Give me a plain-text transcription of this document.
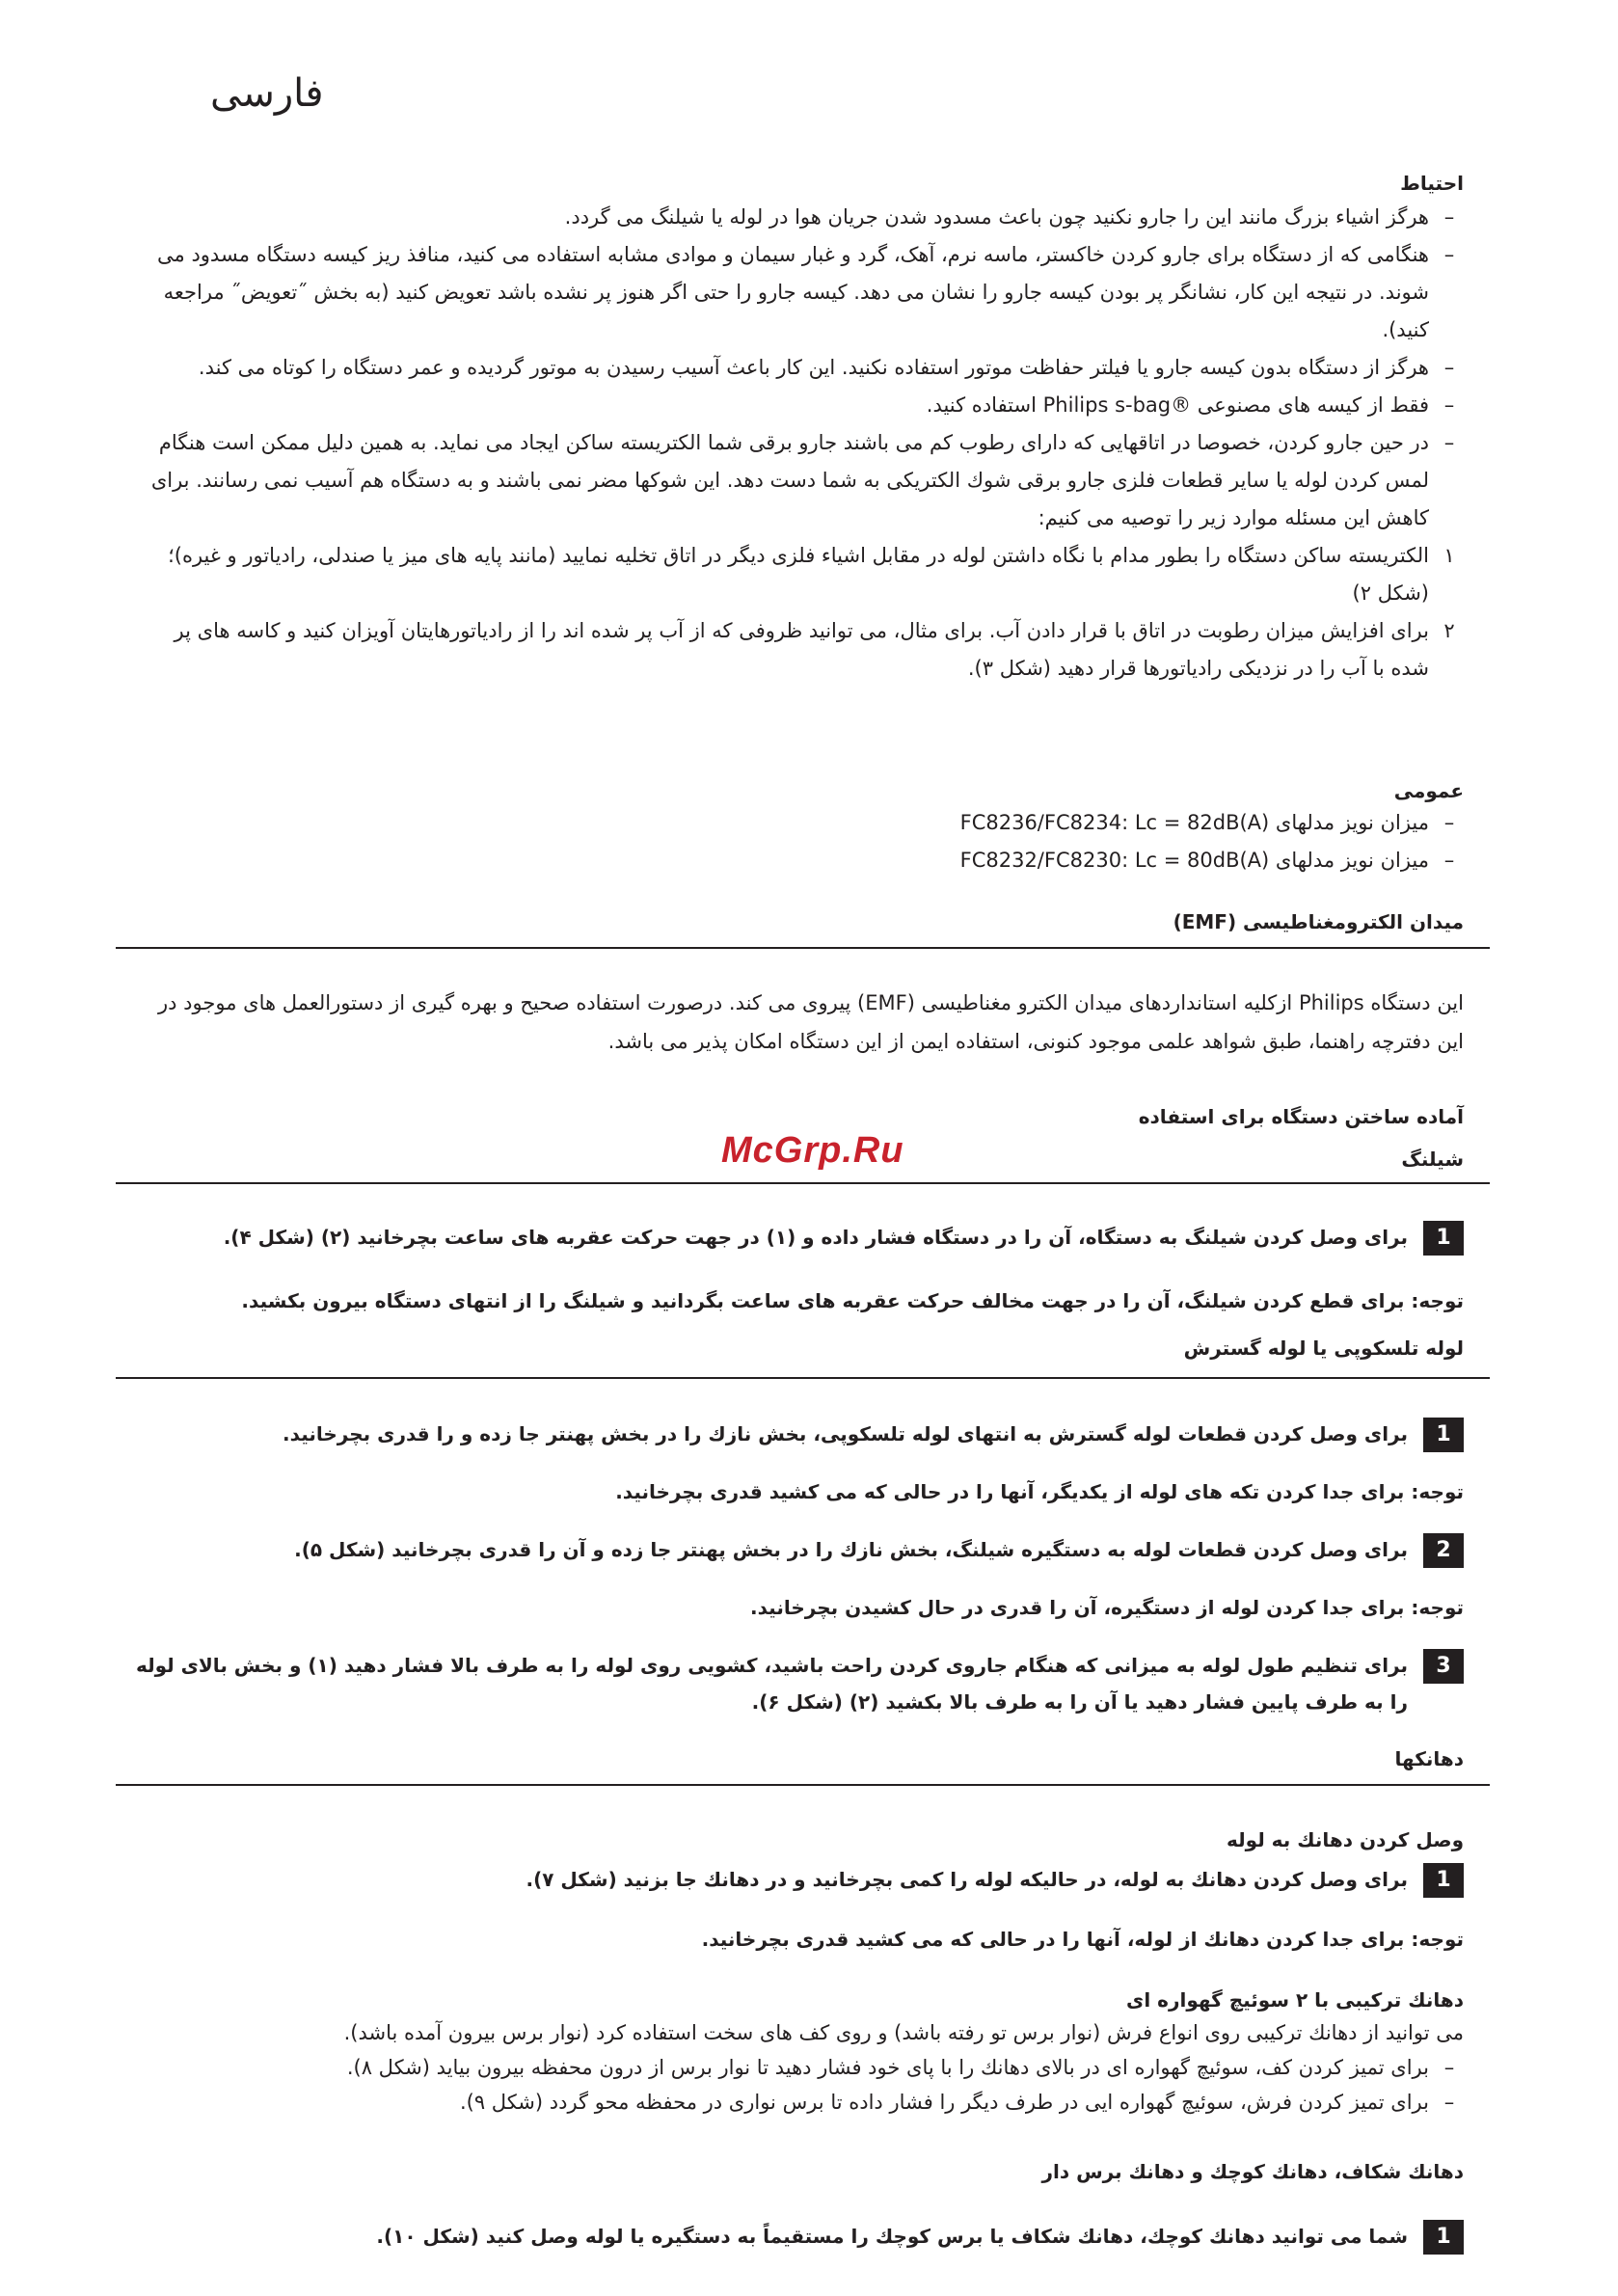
فارسی
احتیاط
–
هرگز اشیاء بزرگ مانند این را جارو نکنید چون باعث مسدود شدن جریان هوا در لوله یا شیلنگ می گردد.
–
هنگامی که از دستگاه برای جارو کردن خاکستر، ماسه نرم، آهک، گرد و غبار سیمان و موادی مشابه استفاده می کنید، منافذ ریز کیسه دستگاه مسدود می شوند. در نتیجه این کار، نشانگر پر بودن کیسه جارو را نشان می دهد. کیسه جارو را حتی اگر هنوز پر نشده باشد تعویض کنید (به بخش ˝تعویض˝ مراجعه کنید).
–
هرگز از دستگاه بدون کیسه جارو یا فیلتر حفاظت موتور استفاده نکنید. این کار باعث آسیب رسیدن به موتور گردیده و عمر دستگاه را کوتاه می کند.
–
فقط از کیسه های مصنوعی ®Philips s-bag استفاده کنید.
–
در حین جارو کردن، خصوصا در اتاقهایی که دارای رطوب کم می باشند جارو برقی شما الکتریسته ساکن ایجاد می نماید. به همین دلیل ممکن است هنگام لمس کردن لوله یا سایر قطعات فلزی جارو برقی شوك الکتریکی به شما دست دهد. این شوکها مضر نمی باشند و به دستگاه هم آسیب نمی رسانند. برای کاهش این مسئله موارد زیر را توصیه می کنیم:
۱
الکتریسته ساکن دستگاه را بطور مدام با نگاه داشتن لوله در مقابل اشیاء فلزی دیگر در اتاق تخلیه نمایید (مانند پایه های میز یا صندلی، رادیاتور و غیره)؛ (شکل ۲)
۲
برای افزایش میزان رطوبت در اتاق با قرار دادن آب. برای مثال، می توانید ظروفی که از آب پر شده اند را از رادیاتورهایتان آویزان کنید و کاسه های پر شده با آب را در نزدیکی رادیاتورها قرار دهید (شکل ۳).
عمومی
–
میزان نویز مدلهای FC8236/FC8234: Lc = 82dB(A)
–
میزان نویز مدلهای FC8232/FC8230: Lc = 80dB(A)
میدان الکترومغناطیسی (EMF)
این دستگاه Philips ازکلیه استانداردهای میدان الکترو مغناطیسی (EMF) پیروی می کند. درصورت استفاده صحیح و بهره گیری از دستورالعمل های موجود در این دفترچه راهنما، طبق شواهد علمی موجود کنونی، استفاده ایمن از این دستگاه امکان پذیر می باشد.
آماده ساختن دستگاه برای استفاده
شیلنگ
1
برای وصل کردن شیلنگ به دستگاه، آن را در دستگاه فشار داده و (۱) در جهت حرکت عقربه های ساعت بچرخانید (۲) (شکل ۴).
توجه: برای قطع کردن شیلنگ، آن را در جهت مخالف حرکت عقربه های ساعت بگردانید و شیلنگ را از انتهای دستگاه بیرون بکشید.
لوله تلسکوپی یا لوله گسترش
1
برای وصل کردن قطعات لوله گسترش به انتهای لوله تلسکوپی، بخش نازك را در بخش پهنتر جا زده و را قدری بچرخانید.
توجه: برای جدا کردن تکه های لوله از یکدیگر، آنها را در حالی که می کشید قدری بچرخانید.
2
برای وصل کردن قطعات لوله به دستگیره شیلنگ، بخش نازك را در بخش پهنتر جا زده و آن را قدری بچرخانید (شکل ۵).
توجه: برای جدا کردن لوله از دستگیره، آن را قدری در حال کشیدن بچرخانید.
3
برای تنظیم طول لوله به میزانی که هنگام جاروی کردن راحت باشید، کشویی روی لوله را به طرف بالا فشار دهید (۱) و بخش بالای لوله را به طرف پایین فشار دهید یا آن را به طرف بالا بکشید (۲) (شکل ۶).
دهانکها
وصل کردن دهانك به لوله
1
برای وصل کردن دهانك به لوله، در حالیکه لوله را کمی بچرخانید و در دهانك جا بزنید (شکل ۷).
توجه: برای جدا کردن دهانك از لوله، آنها را در حالی که می کشید قدری بچرخانید.
دهانك ترکیبی با ۲ سوئیچ گهواره ای
می توانید از دهانك ترکیبی روی انواع فرش (نوار برس تو رفته باشد) و روی کف های سخت استفاده کرد (نوار برس بیرون آمده باشد).
–
برای تمیز کردن کف، سوئیچ گهواره ای در بالای دهانك را با پای خود فشار دهید تا نوار برس از درون محفظه بیرون بیاید (شکل ۸).
–
برای تمیز کردن فرش، سوئیچ گهواره ایی در طرف دیگر را فشار داده تا برس نواری در محفظه محو گردد (شکل ۹).
دهانك شکاف، دهانك کوچك و دهانك برس دار
1
شما می توانید دهانك کوچك، دهانك شکاف یا برس کوچك را مستقیماً به دستگیره یا لوله وصل کنید (شکل ۱۰).
McGrp.Ru
